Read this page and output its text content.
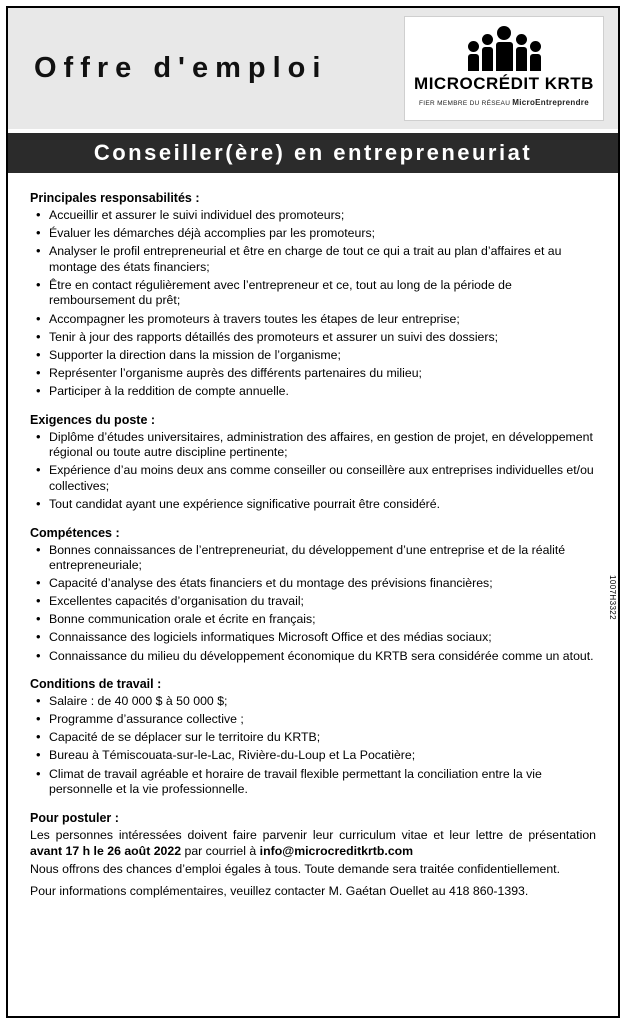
Offre d'emploi	MICROCRÉDIT KRTB
FIER MEMBRE DU RÉSEAU MicroEntreprendre
Conseiller(ère) en entrepreneuriat
Principales responsabilités :
• Accueillir et assurer le suivi individuel des promoteurs;
• Évaluer les démarches déjà accomplies par les promoteurs;
• Analyser le profil entrepreneurial et être en charge de tout ce qui a trait au plan d’affaires et au montage des états financiers;
• Être en contact régulièrement avec l’entrepreneur et ce, tout au long de la période de remboursement du prêt;
• Accompagner les promoteurs à travers toutes les étapes de leur entreprise;
• Tenir à jour des rapports détaillés des promoteurs et assurer un suivi des dossiers;
• Supporter la direction dans la mission de l’organisme;
• Représenter l’organisme auprès des différents partenaires du milieu;
• Participer à la reddition de compte annuelle.
Exigences du poste :
• Diplôme d’études universitaires, administration des affaires, en gestion de projet, en développement régional ou toute autre discipline pertinente;
• Expérience d’au moins deux ans comme conseiller ou conseillère aux entreprises individuelles et/ou collectives;
• Tout candidat ayant une expérience significative pourrait être considéré.
Compétences :
• Bonnes connaissances de l’entrepreneuriat, du développement d’une entreprise et de la réalité entrepreneuriale;
• Capacité d’analyse des états financiers et du montage des prévisions financières;
• Excellentes capacités d’organisation du travail;
• Bonne communication orale et écrite en français;
• Connaissance des logiciels informatiques Microsoft Office et des médias sociaux;
• Connaissance du milieu du développement économique du KRTB sera considérée comme un atout.
Conditions de travail :
• Salaire : de 40 000 $ à 50 000 $;
• Programme d’assurance collective ;
• Capacité de se déplacer sur le territoire du KRTB;
• Bureau à Témiscouata-sur-le-Lac, Rivière-du-Loup et La Pocatière;
• Climat de travail agréable et horaire de travail flexible permettant la conciliation entre la vie personnelle et la vie professionnelle.
Pour postuler :

Les personnes intéressées doivent faire parvenir leur curriculum vitae et leur lettre de présentation avant 17 h le 26 août 2022 par courriel à info@microcreditkrtb.com

Nous offrons des chances d’emploi égales à tous. Toute demande sera traitée confidentiellement.

Pour informations complémentaires, veuillez contacter M. Gaétan Ouellet au 418 860-1393.

1007H3322
